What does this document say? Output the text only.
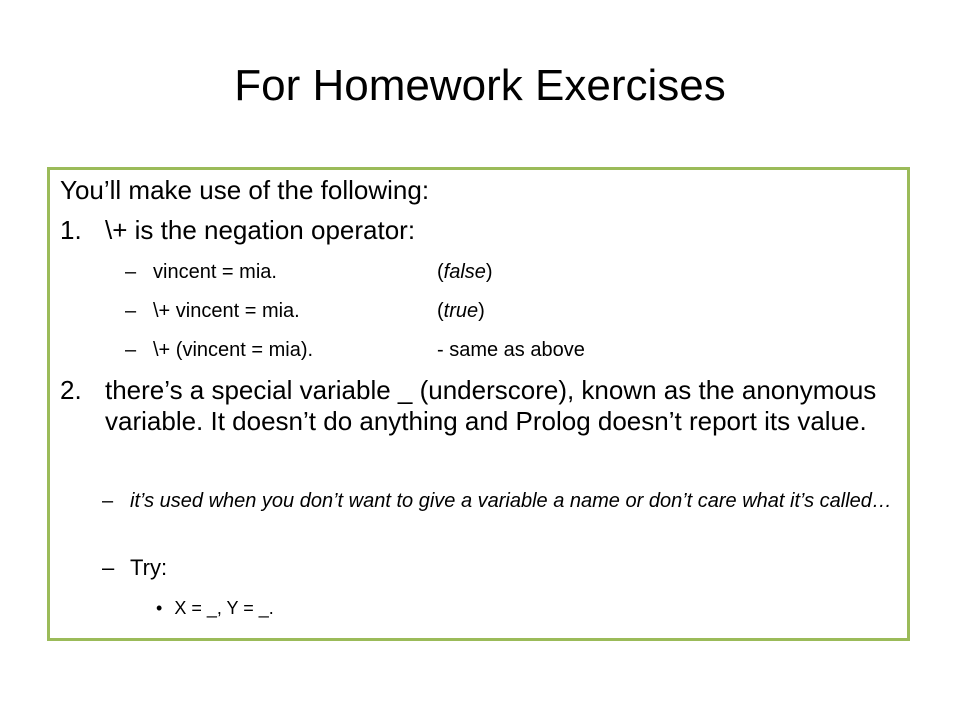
For Homework Exercises
You’ll make use of the following:
1. \+ is the negation operator:
– vincent = mia.	(false)
– \+ vincent = mia.	(true)
– \+ (vincent = mia).	- same as above
2. there’s a special variable _ (underscore), known as the anonymous variable. It doesn’t do anything and Prolog doesn’t report its value.
– it’s used when you don’t want to give a variable a name or don’t care what it’s called…
– Try:
• X = _, Y = _.
